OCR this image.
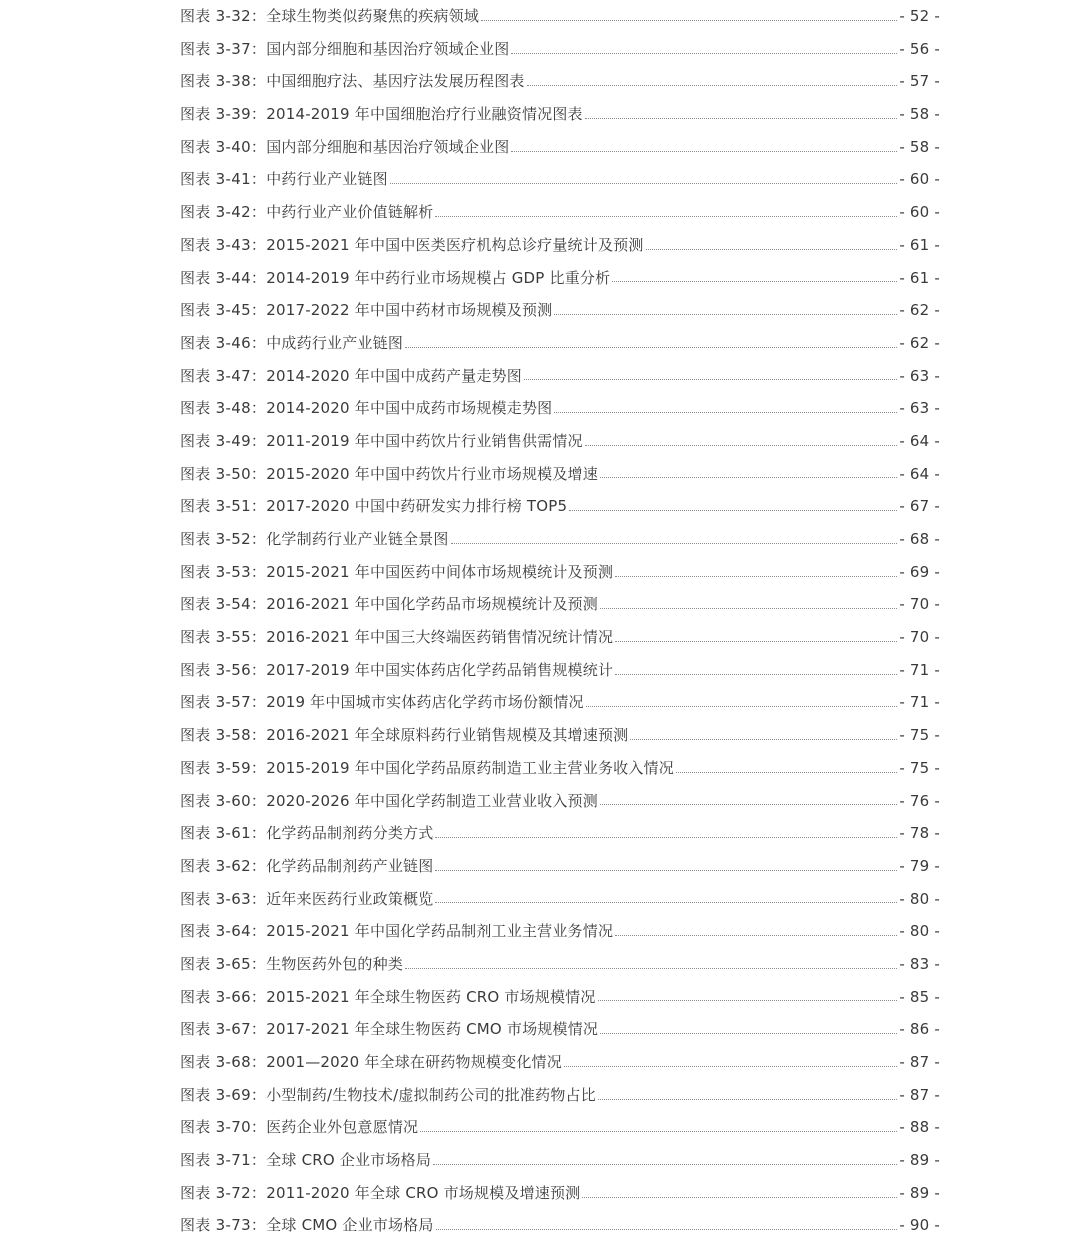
图表 3-32： 全球生物类似药聚焦的疾病领域	- 52 -
图表 3-37： 国内部分细胞和基因治疗领域企业图	- 56 -
图表 3-38： 中国细胞疗法、基因疗法发展历程图表	- 57 -
图表 3-39： 2014-2019 年中国细胞治疗行业融资情况图表	- 58 -
图表 3-40： 国内部分细胞和基因治疗领域企业图	- 58 -
图表 3-41： 中药行业产业链图	- 60 -
图表 3-42： 中药行业产业价值链解析	- 60 -
图表 3-43： 2015-2021 年中国中医类医疗机构总诊疗量统计及预测	- 61 -
图表 3-44： 2014-2019 年中药行业市场规模占 GDP 比重分析	- 61 -
图表 3-45： 2017-2022 年中国中药材市场规模及预测	- 62 -
图表 3-46： 中成药行业产业链图	- 62 -
图表 3-47： 2014-2020 年中国中成药产量走势图	- 63 -
图表 3-48： 2014-2020 年中国中成药市场规模走势图	- 63 -
图表 3-49： 2011-2019 年中国中药饮片行业销售供需情况	- 64 -
图表 3-50： 2015-2020 年中国中药饮片行业市场规模及增速	- 64 -
图表 3-51： 2017-2020 中国中药研发实力排行榜 TOP5	- 67 -
图表 3-52： 化学制药行业产业链全景图	- 68 -
图表 3-53： 2015-2021 年中国医药中间体市场规模统计及预测	- 69 -
图表 3-54： 2016-2021 年中国化学药品市场规模统计及预测	- 70 -
图表 3-55： 2016-2021 年中国三大终端医药销售情况统计情况	- 70 -
图表 3-56： 2017-2019 年中国实体药店化学药品销售规模统计	- 71 -
图表 3-57： 2019 年中国城市实体药店化学药市场份额情况	- 71 -
图表 3-58： 2016-2021 年全球原料药行业销售规模及其增速预测	- 75 -
图表 3-59： 2015-2019 年中国化学药品原药制造工业主营业务收入情况	- 75 -
图表 3-60： 2020-2026 年中国化学药制造工业营业收入预测	- 76 -
图表 3-61： 化学药品制剂药分类方式	- 78 -
图表 3-62： 化学药品制剂药产业链图	- 79 -
图表 3-63： 近年来医药行业政策概览	- 80 -
图表 3-64： 2015-2021 年中国化学药品制剂工业主营业务情况	- 80 -
图表 3-65： 生物医药外包的种类	- 83 -
图表 3-66： 2015-2021 年全球生物医药 CRO 市场规模情况	- 85 -
图表 3-67： 2017-2021 年全球生物医药 CMO 市场规模情况	- 86 -
图表 3-68： 2001—2020 年全球在研药物规模变化情况	- 87 -
图表 3-69： 小型制药/生物技术/虚拟制药公司的批准药物占比	- 87 -
图表 3-70： 医药企业外包意愿情况	- 88 -
图表 3-71： 全球 CRO 企业市场格局	- 89 -
图表 3-72： 2011-2020 年全球 CRO 市场规模及增速预测	- 89 -
图表 3-73： 全球 CMO 企业市场格局	- 90 -
